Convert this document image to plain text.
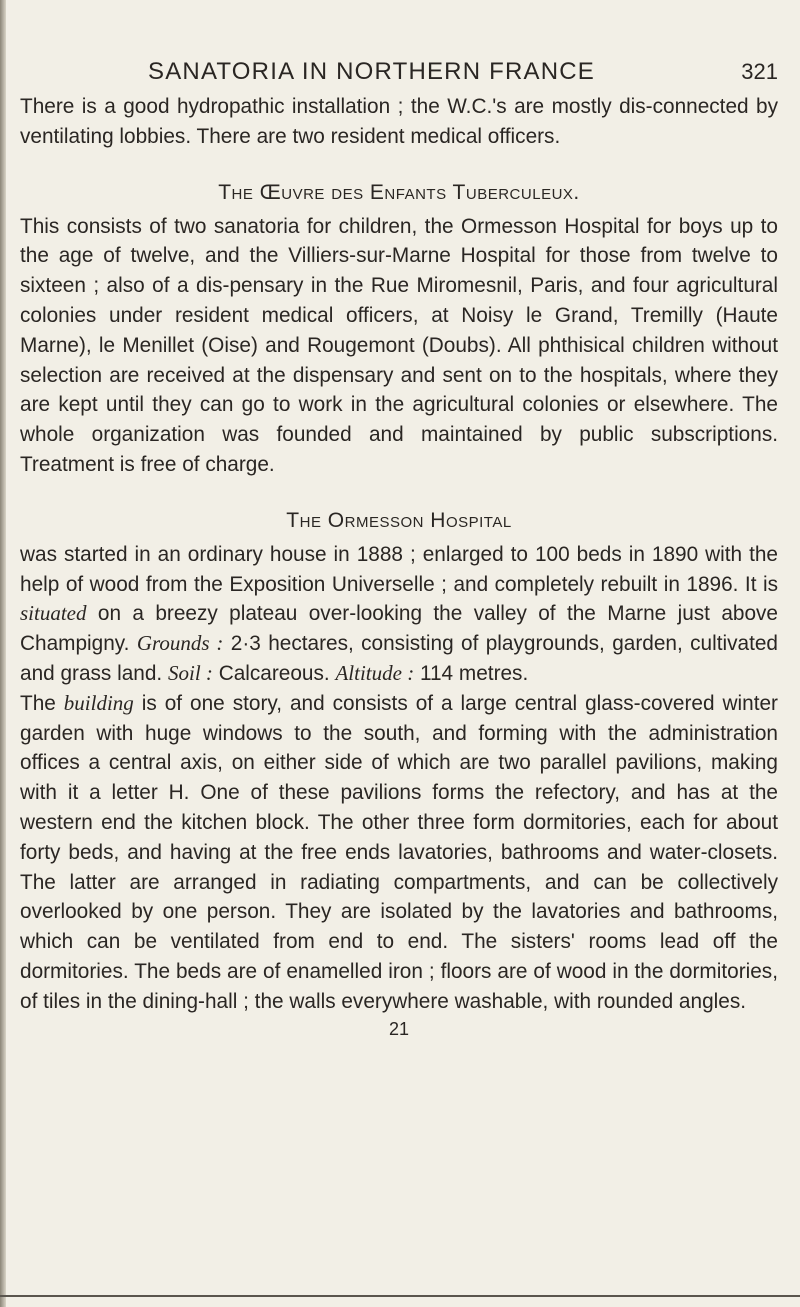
SANATORIA IN NORTHERN FRANCE	321

There is a good hydropathic installation ; the W.C.'s are mostly dis-connected by ventilating lobbies. There are two resident medical officers.

The Œuvre des Enfants Tuberculeux.

This consists of two sanatoria for children, the Ormesson Hospital for boys up to the age of twelve, and the Villiers-sur-Marne Hospital for those from twelve to sixteen ; also of a dis-pensary in the Rue Miromesnil, Paris, and four agricultural colonies under resident medical officers, at Noisy le Grand, Tremilly (Haute Marne), le Menillet (Oise) and Rougemont (Doubs). All phthisical children without selection are received at the dispensary and sent on to the hospitals, where they are kept until they can go to work in the agricultural colonies or elsewhere. The whole organization was founded and maintained by public subscriptions. Treatment is free of charge.

The Ormesson Hospital

was started in an ordinary house in 1888 ; enlarged to 100 beds in 1890 with the help of wood from the Exposition Universelle ; and completely rebuilt in 1896. It is situated on a breezy plateau over-looking the valley of the Marne just above Champigny. Grounds : 2·3 hectares, consisting of playgrounds, garden, cultivated and grass land. Soil : Calcareous. Altitude : 114 metres.

The building is of one story, and consists of a large central glass-covered winter garden with huge windows to the south, and forming with the administration offices a central axis, on either side of which are two parallel pavilions, making with it a letter H. One of these pavilions forms the refectory, and has at the western end the kitchen block. The other three form dormitories, each for about forty beds, and having at the free ends lavatories, bathrooms and water-closets. The latter are arranged in radiating compartments, and can be collectively overlooked by one person. They are isolated by the lavatories and bathrooms, which can be ventilated from end to end. The sisters' rooms lead off the dormitories. The beds are of enamelled iron ; floors are of wood in the dormitories, of tiles in the dining-hall ; the walls everywhere washable, with rounded angles.

21
